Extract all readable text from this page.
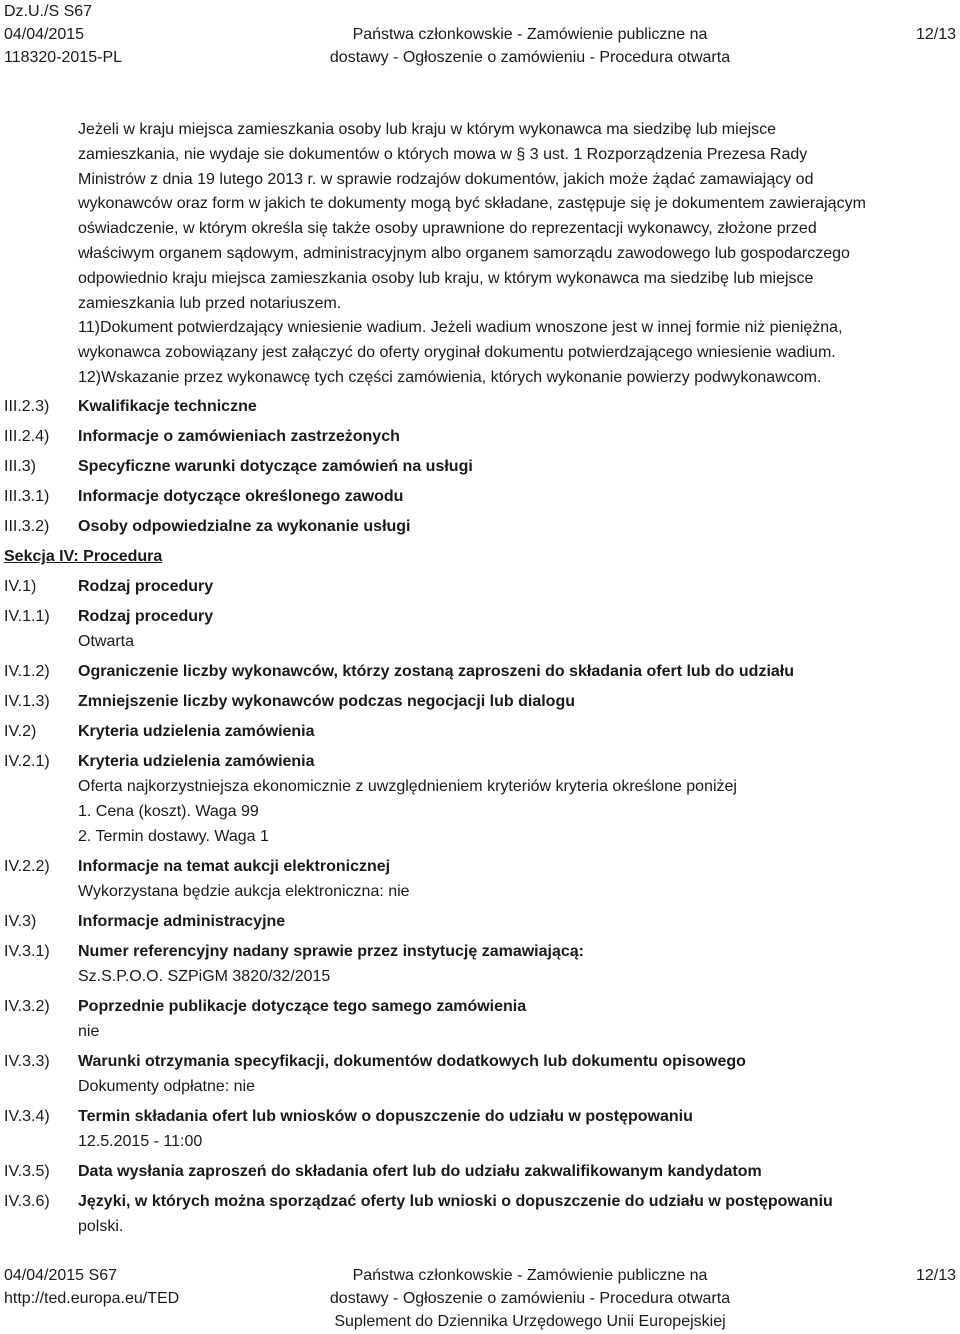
Dz.U./S S67
04/04/2015
118320-2015-PL
Państwa członkowskie - Zamówienie publiczne na
dostawy - Ogłoszenie o zamówieniu - Procedura otwarta
12/13
Jeżeli w kraju miejsca zamieszkania osoby lub kraju w którym wykonawca ma siedzibę lub miejsce
zamieszkania, nie wydaje sie dokumentów o których mowa w § 3 ust. 1 Rozporządzenia Prezesa Rady
Ministrów z dnia 19 lutego 2013 r. w sprawie rodzajów dokumentów, jakich może żądać zamawiający od
wykonawców oraz form w jakich te dokumenty mogą być składane, zastępuje się je dokumentem zawierającym
oświadczenie, w którym określa się także osoby uprawnione do reprezentacji wykonawcy, złożone przed
właściwym organem sądowym, administracyjnym albo organem samorządu zawodowego lub gospodarczego
odpowiednio kraju miejsca zamieszkania osoby lub kraju, w którym wykonawca ma siedzibę lub miejsce
zamieszkania lub przed notariuszem.
11)Dokument potwierdzający wniesienie wadium. Jeżeli wadium wnoszone jest w innej formie niż pieniężna,
wykonawca zobowiązany jest załączyć do oferty oryginał dokumentu potwierdzającego wniesienie wadium.
12)Wskazanie przez wykonawcę tych części zamówienia, których wykonanie powierzy podwykonawcom.
III.2.3) Kwalifikacje techniczne
III.2.4) Informacje o zamówieniach zastrzeżonych
III.3)	Specyficzne warunki dotyczące zamówień na usługi
III.3.1) Informacje dotyczące określonego zawodu
III.3.2) Osoby odpowiedzialne za wykonanie usługi
Sekcja IV: Procedura
IV.1)	Rodzaj procedury
IV.1.1) Rodzaj procedury
Otwarta
IV.1.2) Ograniczenie liczby wykonawców, którzy zostaną zaproszeni do składania ofert lub do udziału
IV.1.3) Zmniejszenie liczby wykonawców podczas negocjacji lub dialogu
IV.2)	Kryteria udzielenia zamówienia
IV.2.1) Kryteria udzielenia zamówienia
Oferta najkorzystniejsza ekonomicznie z uwzględnieniem kryteriów kryteria określone poniżej
1. Cena (koszt). Waga 99
2. Termin dostawy. Waga 1
IV.2.2) Informacje na temat aukcji elektronicznej
Wykorzystana będzie aukcja elektroniczna: nie
IV.3)	Informacje administracyjne
IV.3.1) Numer referencyjny nadany sprawie przez instytucję zamawiającą:
Sz.S.P.O.O. SZPiGM 3820/32/2015
IV.3.2) Poprzednie publikacje dotyczące tego samego zamówienia
nie
IV.3.3) Warunki otrzymania specyfikacji, dokumentów dodatkowych lub dokumentu opisowego
Dokumenty odpłatne: nie
IV.3.4) Termin składania ofert lub wniosków o dopuszczenie do udziału w postępowaniu
12.5.2015 - 11:00
IV.3.5) Data wysłania zaproszeń do składania ofert lub do udziału zakwalifikowanym kandydatom
IV.3.6) Języki, w których można sporządzać oferty lub wnioski o dopuszczenie do udziału w postępowaniu
polski.
04/04/2015 S67
http://ted.europa.eu/TED
Państwa członkowskie - Zamówienie publiczne na
dostawy - Ogłoszenie o zamówieniu - Procedura otwarta
Suplement do Dziennika Urzędowego Unii Europejskiej
12/13
